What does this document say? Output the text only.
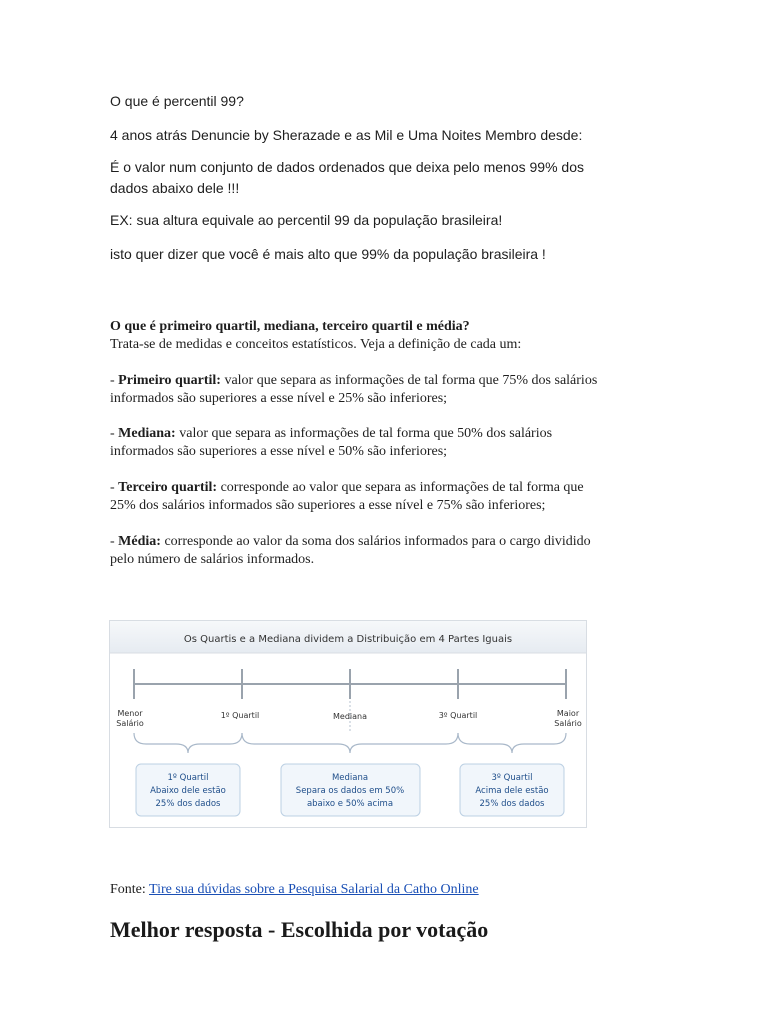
O que é percentil 99?

4 anos atrás Denuncie by Sherazade e as Mil e Uma Noites Membro desde:

É o valor num conjunto de dados ordenados que deixa pelo menos 99% dos

dados abaixo dele !!!

EX: sua altura equivale ao percentil 99 da população brasileira!

isto quer dizer que você é mais alto que 99% da população brasileira !

O que é primeiro quartil, mediana, terceiro quartil e média?

Trata-se de medidas e conceitos estatísticos. Veja a definição de cada um:

- Primeiro quartil: valor que separa as informações de tal forma que 75% dos salários

informados são superiores a esse nível e 25% são inferiores;

- Mediana: valor que separa as informações de tal forma que 50% dos salários

informados são superiores a esse nível e 50% são inferiores;

- Terceiro quartil: corresponde ao valor que separa as informações de tal forma que

25% dos salários informados são superiores a esse nível e 75% são inferiores;

- Média: corresponde ao valor da soma dos salários informados para o cargo dividido

pelo número de salários informados.

Os Quartis e a Mediana dividem a Distribuição em 4 Partes Iguais
Menor
Salário
1º Quartil	Mediana	3º Quartil	Maior
Salário
1º Quartil
Abaixo dele estão
25% dos dados
Mediana
Separa os dados em 50%
abaixo e 50% acima
3º Quartil
Acima dele estão
25% dos dados
Fonte: Tire sua dúvidas sobre a Pesquisa Salarial da Catho Online
Melhor resposta - Escolhida por votação
